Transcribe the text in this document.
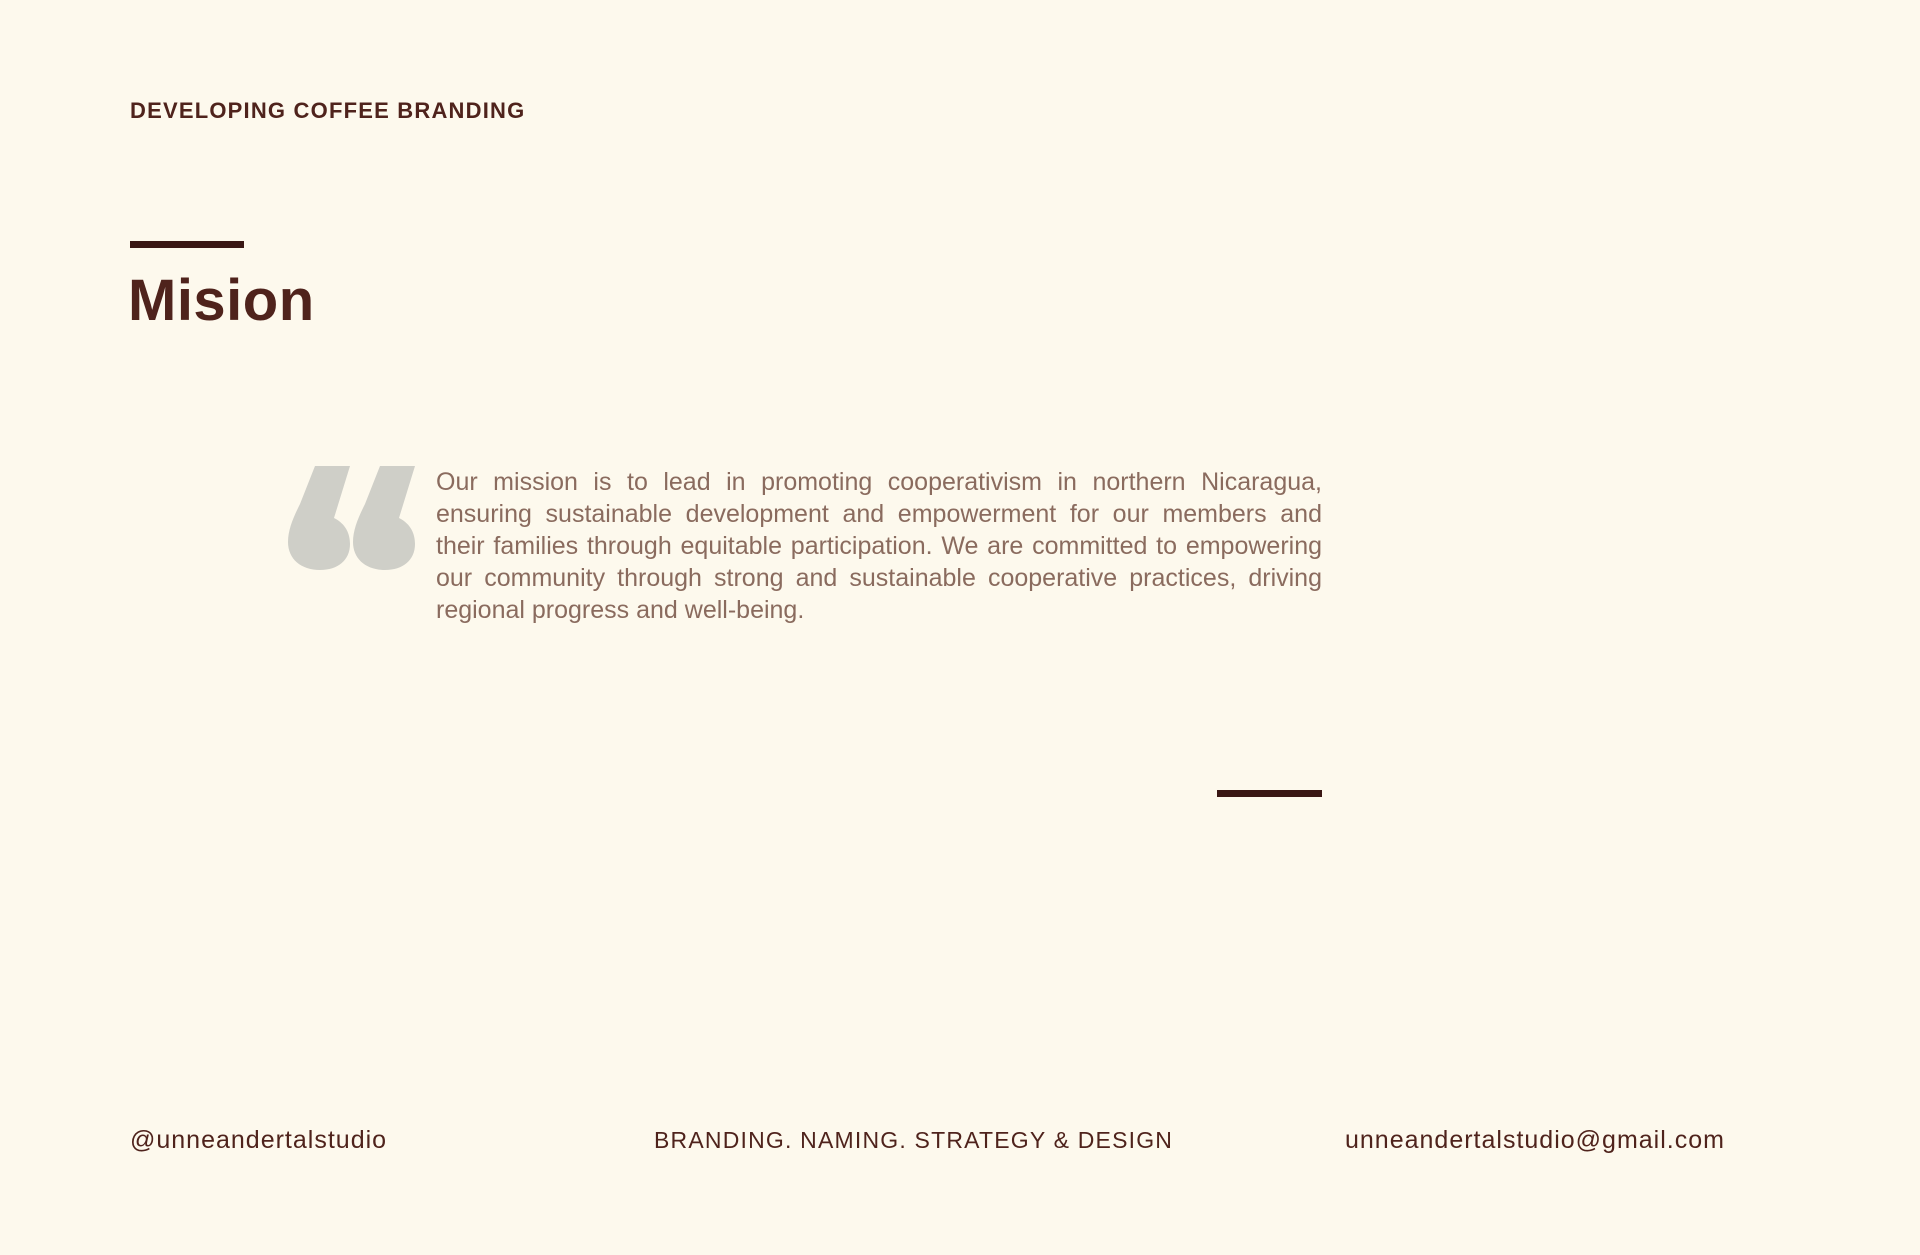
DEVELOPING COFFEE BRANDING
Mision

Our mission is to lead in promoting cooperativism in northern Nicaragua, ensuring sustainable development and empowerment for our members and their families through equitable participation. We are committed to empowering our community through strong and sustainable cooperative practices, driving regional progress and well-being.

@unneandertalstudio	BRANDING. NAMING. STRATEGY & DESIGN	unneandertalstudio@gmail.com
